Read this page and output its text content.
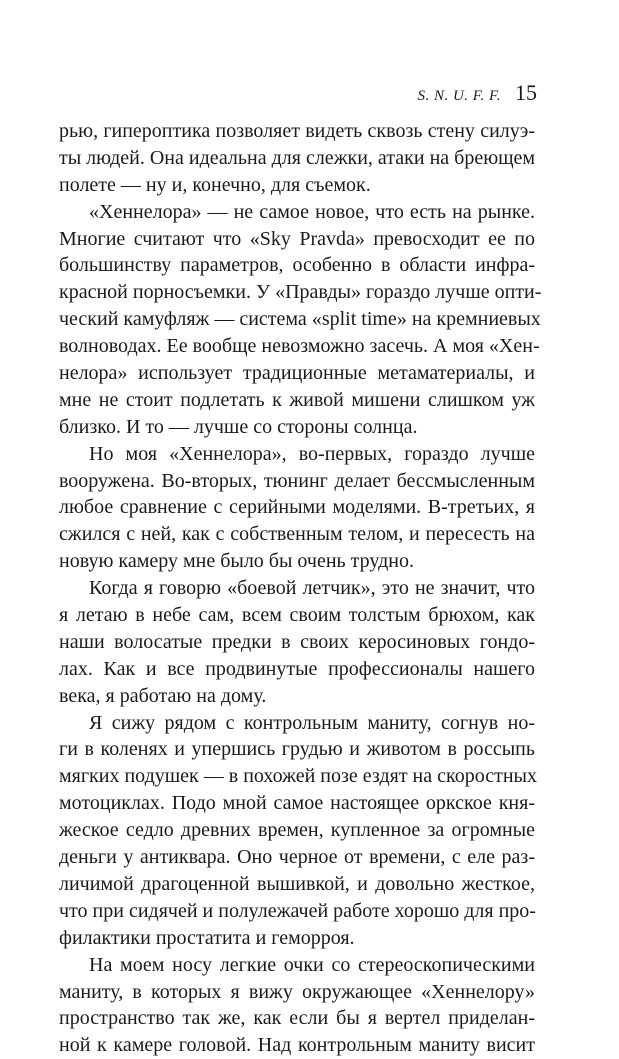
S. N. U. F. F. 15
рью, гипероптика позволяет видеть сквозь стену силуэ-
ты людей. Она идеальна для слежки, атаки на бреющем
полете — ну и, конечно, для съемок.
«Хеннелора» — не самое новое, что есть на рынке.
Многие считают что «Sky Pravda» превосходит ее по
большинству параметров, особенно в области инфра-
красной порносъемки. У «Правды» гораздо лучше опти-
ческий камуфляж — система «split time» на кремниевых
волноводах. Ее вообще невозможно засечь. А моя «Хен-
нелора» использует традиционные метаматериалы, и
мне не стоит подлетать к живой мишени слишком уж
близко. И то — лучше со стороны солнца.
Но моя «Хеннелора», во-первых, гораздо лучше
вооружена. Во-вторых, тюнинг делает бессмысленным
любое сравнение с серийными моделями. В-третьих, я
сжился с ней, как с собственным телом, и пересесть на
новую камеру мне было бы очень трудно.
Когда я говорю «боевой летчик», это не значит, что
я летаю в небе сам, всем своим толстым брюхом, как
наши волосатые предки в своих керосиновых гондо-
лах. Как и все продвинутые профессионалы нашего
века, я работаю на дому.
Я сижу рядом с контрольным маниту, согнув но-
ги в коленях и упершись грудью и животом в россыпь
мягких подушек — в похожей позе ездят на скоростных
мотоциклах. Подо мной самое настоящее оркское кня-
жеское седло древних времен, купленное за огромные
деньги у антиквара. Оно черное от времени, с еле раз-
личимой драгоценной вышивкой, и довольно жесткое,
что при сидячей и полулежачей работе хорошо для про-
филактики простатита и геморроя.
На моем носу легкие очки со стереоскопическими
маниту, в которых я вижу окружающее «Хеннелору»
пространство так же, как если бы я вертел приделан-
ной к камере головой. Над контрольным маниту висит
